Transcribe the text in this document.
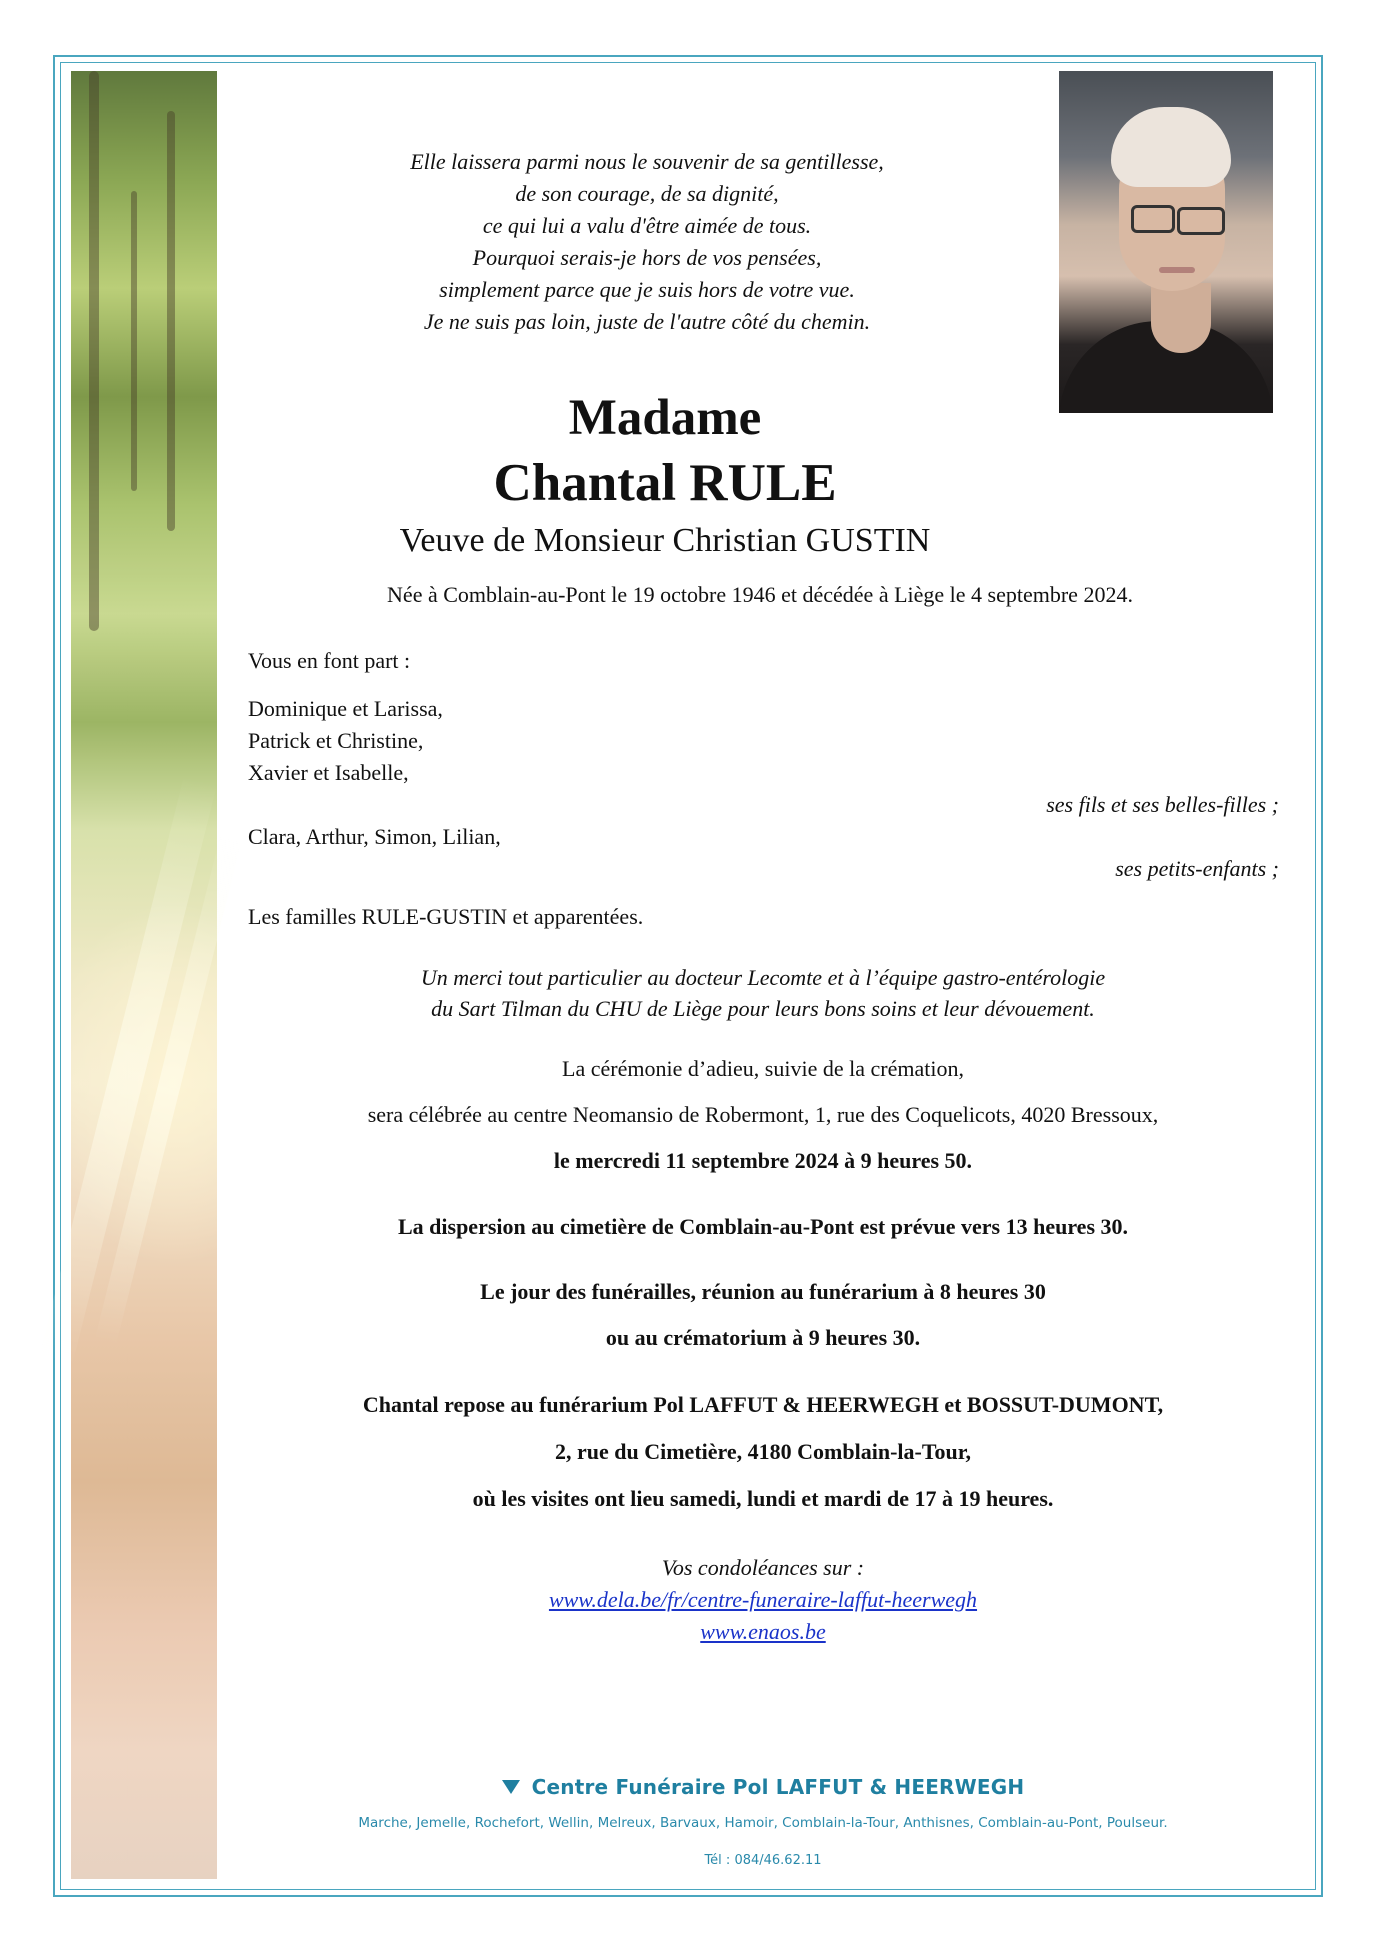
Elle laissera parmi nous le souvenir de sa gentillesse,
de son courage, de sa dignité,
ce qui lui a valu d'être aimée de tous.
Pourquoi serais-je hors de vos pensées,
simplement parce que je suis hors de votre vue.
Je ne suis pas loin, juste de l'autre côté du chemin.
Madame
Chantal RULE
Veuve de Monsieur Christian GUSTIN
Née à Comblain-au-Pont le 19 octobre 1946 et décédée à Liège le 4 septembre 2024.
Vous en font part :
Dominique et Larissa,
Patrick et Christine,
Xavier et Isabelle,
ses fils et ses belles-filles ;
Clara, Arthur, Simon, Lilian,
ses petits-enfants ;
Les familles RULE-GUSTIN et apparentées.
Un merci tout particulier au docteur Lecomte et à l’équipe gastro-entérologie
du Sart Tilman du CHU de Liège pour leurs bons soins et leur dévouement.
La cérémonie d’adieu, suivie de la crémation,
sera célébrée au centre Neomansio de Robermont, 1, rue des Coquelicots, 4020 Bressoux,
le mercredi 11 septembre 2024 à 9 heures 50.
La dispersion au cimetière de Comblain-au-Pont est prévue vers 13 heures 30.
Le jour des funérailles, réunion au funérarium à 8 heures 30
ou au crématorium à 9 heures 30.
Chantal repose au funérarium Pol LAFFUT & HEERWEGH et BOSSUT-DUMONT,
2, rue du Cimetière, 4180 Comblain-la-Tour,
où les visites ont lieu samedi, lundi et mardi de 17 à 19 heures.
Vos condoléances sur :
www.dela.be/fr/centre-funeraire-laffut-heerwegh
www.enaos.be
Centre Funéraire Pol LAFFUT & HEERWEGH
Marche, Jemelle, Rochefort, Wellin, Melreux, Barvaux, Hamoir, Comblain-la-Tour, Anthisnes, Comblain-au-Pont, Poulseur.
Tél : 084/46.62.11
